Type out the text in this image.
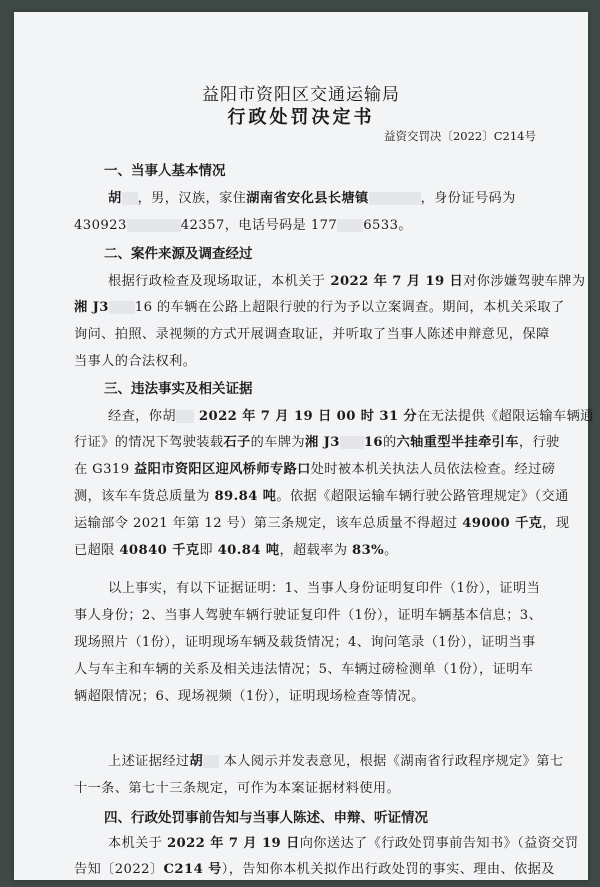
益阳市资阳区交通运输局
行政处罚决定书
益资交罚决〔2022〕C214号
一、当事人基本情况
胡 ，男，汉族，家住湖南省安化县长塘镇	，身份证号码为
430923	42357，电话号码是 177 6533。
二、案件来源及调查经过
根据行政检查及现场取证，本机关于 2022 年 7 月 19 日对你涉嫌驾驶车牌为
湘 J3 16 的车辆在公路上超限行驶的行为予以立案调查。期间，本机关采取了
询问、拍照、录视频的方式开展调查取证，并听取了当事人陈述申辩意见，保障
当事人的合法权利。
三、违法事实及相关证据
经查，你胡 2022 年 7 月 19 日 00 时 31 分在无法提供《超限运输车辆通
行证》的情况下驾驶装载石子的车牌为湘 J3 16的六轴重型半挂牵引车，行驶
在 G319 益阳市资阳区迎风桥师专路口处时被本机关执法人员依法检查。经过磅
测，该车车货总质量为 89.84 吨。依据《超限运输车辆行驶公路管理规定》（交通
运输部令 2021 年第 12 号）第三条规定，该车总质量不得超过 49000 千克，现
已超限 40840 千克即 40.84 吨，超载率为 83%。
以上事实，有以下证据证明：1、当事人身份证明复印件（1份），证明当
事人身份；2、当事人驾驶车辆行驶证复印件（1份），证明车辆基本信息；3、
现场照片（1份），证明现场车辆及载货情况；4、询问笔录（1份），证明当事
人与车主和车辆的关系及相关违法情况；5、车辆过磅检测单（1份），证明车
辆超限情况；6、现场视频（1份），证明现场检查等情况。
上述证据经过胡 本人阅示并发表意见，根据《湖南省行政程序规定》第七
十一条、第七十三条规定，可作为本案证据材料使用。
四、行政处罚事前告知与当事人陈述、申辩、听证情况
本机关于 2022 年 7 月 19 日向你送达了《行政处罚事前告知书》（益资交罚
告知〔2022〕C214 号），告知你本机关拟作出行政处罚的事实、理由、依据及
